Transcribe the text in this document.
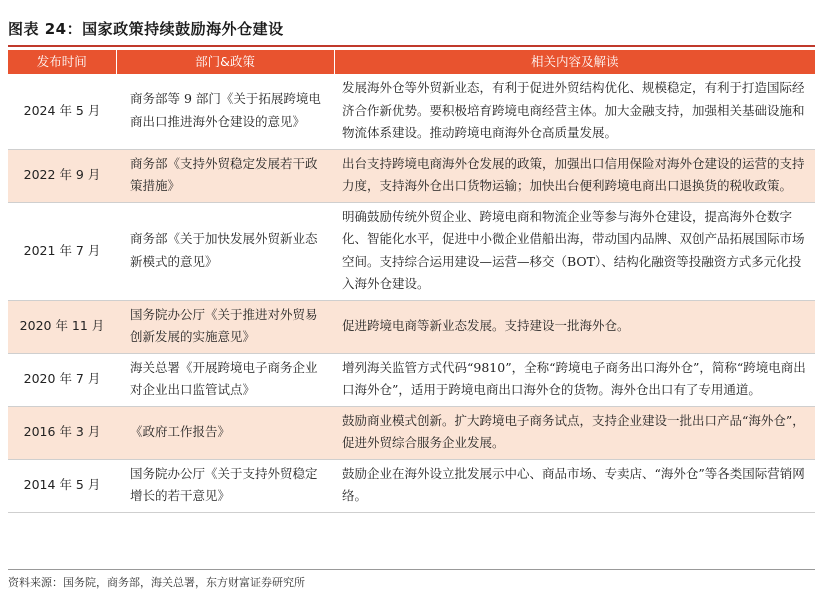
图表 24：国家政策持续鼓励海外仓建设
发布时间	部门&政策	相关内容及解读
2024 年 5 月	商务部等 9 部门《关于拓展跨境电商出口推进海外仓建设的意见》	发展海外仓等外贸新业态，有利于促进外贸结构优化、规模稳定，有利于打造国际经济合作新优势。要积极培育跨境电商经营主体。加大金融支持，加强相关基础设施和物流体系建设。推动跨境电商海外仓高质量发展。
2022 年 9 月	商务部《支持外贸稳定发展若干政策措施》	出台支持跨境电商海外仓发展的政策，加强出口信用保险对海外仓建设的运营的支持力度，支持海外仓出口货物运输；加快出台便利跨境电商出口退换货的税收政策。
2021 年 7 月	商务部《关于加快发展外贸新业态新模式的意见》	明确鼓励传统外贸企业、跨境电商和物流企业等参与海外仓建设，提高海外仓数字化、智能化水平，促进中小微企业借船出海，带动国内品牌、双创产品拓展国际市场空间。支持综合运用建设—运营—移交（BOT）、结构化融资等投融资方式多元化投入海外仓建设。
2020 年 11 月	国务院办公厅《关于推进对外贸易创新发展的实施意见》	促进跨境电商等新业态发展。支持建设一批海外仓。
2020 年 7 月	海关总署《开展跨境电子商务企业对企业出口监管试点》	增列海关监管方式代码“9810”，全称“跨境电子商务出口海外仓”，简称“跨境电商出口海外仓”，适用于跨境电商出口海外仓的货物。海外仓出口有了专用通道。
2016 年 3 月	《政府工作报告》	鼓励商业模式创新。扩大跨境电子商务试点，支持企业建设一批出口产品“海外仓”，促进外贸综合服务企业发展。
2014 年 5 月	国务院办公厅《关于支持外贸稳定增长的若干意见》	鼓励企业在海外设立批发展示中心、商品市场、专卖店、“海外仓”等各类国际营销网络。
资料来源：国务院，商务部，海关总署，东方财富证券研究所
